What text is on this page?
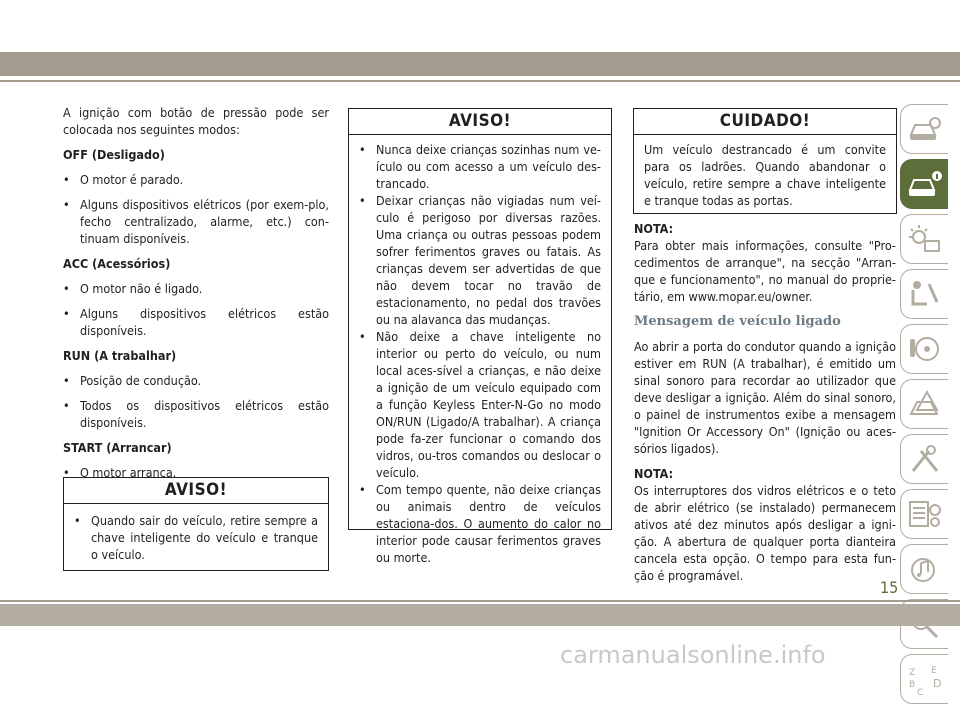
A ignição com botão de pressão pode ser colocada nos seguintes modos:

OFF (Desligado)

• O motor é parado.

• Alguns dispositivos elétricos (por exem-plo, fecho centralizado, alarme, etc.) con-tinuam disponíveis.

ACC (Acessórios)

• O motor não é ligado.

• Alguns dispositivos elétricos estão disponíveis.

RUN (A trabalhar)

• Posição de condução.

• Todos os dispositivos elétricos estão disponíveis.

START (Arrancar)

• O motor arranca.

AVISO!

• Quando sair do veículo, retire sempre a chave inteligente do veículo e tranque o veículo.

AVISO!

• Nunca deixe crianças sozinhas num ve-ículo ou com acesso a um veículo des-trancado.

• Deixar crianças não vigiadas num veí-culo é perigoso por diversas razões. Uma criança ou outras pessoas podem sofrer ferimentos graves ou fatais. As crianças devem ser advertidas de que não devem tocar no travão de estacionamento, no pedal dos travões ou na alavanca das mudanças.

• Não deixe a chave inteligente no interior ou perto do veículo, ou num local aces-sível a crianças, e não deixe a ignição de um veículo equipado com a função Keyless Enter-N-Go no modo ON/RUN (Ligado/A trabalhar). A criança pode fa-zer funcionar o comando dos vidros, ou-tros comandos ou deslocar o veículo.

• Com tempo quente, não deixe crianças ou animais dentro de veículos estaciona-dos. O aumento do calor no interior pode causar ferimentos graves ou morte.

CUIDADO!

Um veículo destrancado é um convite para os ladrões. Quando abandonar o veículo, retire sempre a chave inteligente e tranque todas as portas.

NOTA:

Para obter mais informações, consulte "Pro-cedimentos de arranque", na secção "Arran-que e funcionamento", no manual do proprie-tário, em www.mopar.eu/owner.

Mensagem de veículo ligado

Ao abrir a porta do condutor quando a ignição estiver em RUN (A trabalhar), é emitido um sinal sonoro para recordar ao utilizador que deve desligar a ignição. Além do sinal sonoro, o painel de instrumentos exibe a mensagem "Ignition Or Accessory On" (Ignição ou aces-sórios ligados).

NOTA:

Os interruptores dos vidros elétricos e o teto de abrir elétrico (se instalado) permanecem ativos até dez minutos após desligar a igni-ção. A abertura de qualquer porta dianteira cancela esta opção. O tempo para esta fun-ção é programável.

Z E
B D
C
15
carmanualsonline.info
